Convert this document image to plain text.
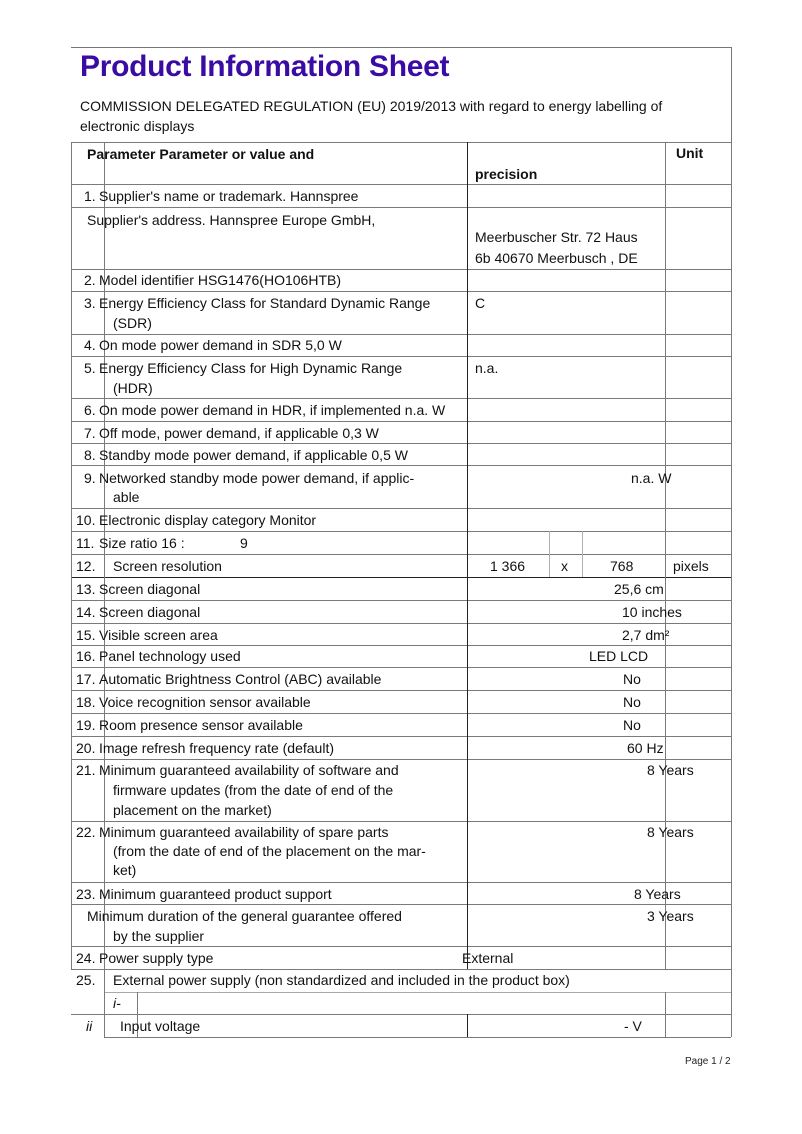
Product Information Sheet
COMMISSION DELEGATED REGULATION (EU) 2019/2013 with regard to energy labelling of electronic displays
Parameter Parameter or value and
precision
Unit
1. Supplier's name or trademark. Hannspree
Supplier's address. Hannspree Europe GmbH,
Meerbuscher Str. 72 Haus
6b 40670 Meerbusch , DE
2. Model identifier HSG1476(HO106HTB)
3. Energy Efficiency Class for Standard Dynamic Range
(SDR)
C
4. On mode power demand in SDR 5,0 W
5. Energy Efficiency Class for High Dynamic Range
(HDR)
n.a.
6. On mode power demand in HDR, if implemented n.a. W
7. Off mode, power demand, if applicable 0,3 W
8. Standby mode power demand, if applicable 0,5 W
9. Networked standby mode power demand, if applic-
able
n.a. W
10. Electronic display category Monitor
11. Size ratio 16 :	9
12. Screen resolution	1 366	x	768	pixels
13. Screen diagonal	25,6 cm
14. Screen diagonal	10 inches
15. Visible screen area	2,7 dm²
16. Panel technology used	LED LCD
17. Automatic Brightness Control (ABC) available	No
18. Voice recognition sensor available	No
19. Room presence sensor available	No
20. Image refresh frequency rate (default)	60 Hz
21. Minimum guaranteed availability of software and
firmware updates (from the date of end of the
placement on the market)
8 Years
22. Minimum guaranteed availability of spare parts
(from the date of end of the placement on the mar-
ket)
8 Years
23. Minimum guaranteed product support	8 Years
Minimum duration of the general guarantee offered
by the supplier
3 Years
24. Power supply type	External
25. External power supply (non standardized and included in the product box)
i-
ii Input voltage	- V
Page 1 / 2
